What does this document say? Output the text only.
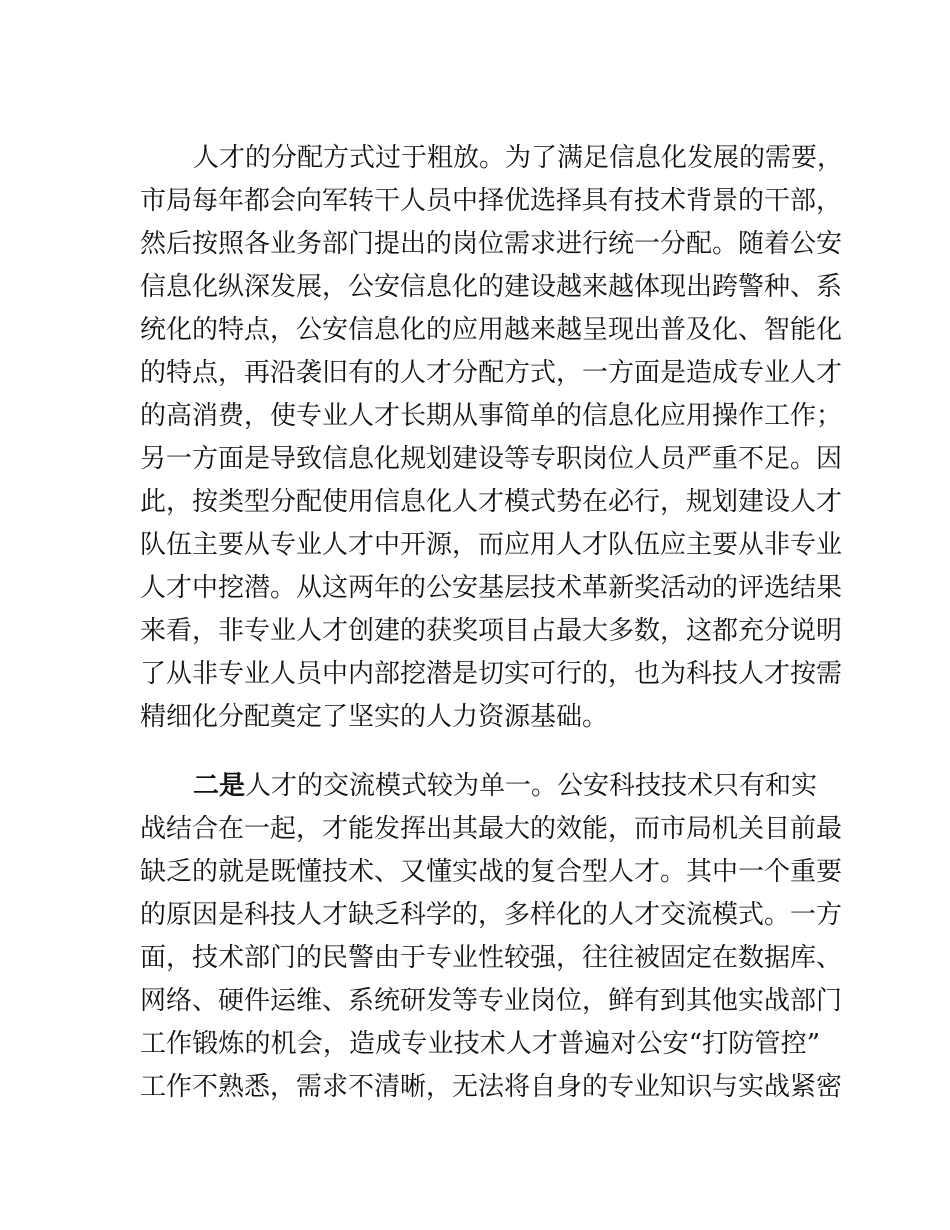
人才的分配方式过于粗放。为了满足信息化发展的需要，
市局每年都会向军转干人员中择优选择具有技术背景的干部，
然后按照各业务部门提出的岗位需求进行统一分配。随着公安
信息化纵深发展，公安信息化的建设越来越体现出跨警种、系
统化的特点，公安信息化的应用越来越呈现出普及化、智能化
的特点，再沿袭旧有的人才分配方式，一方面是造成专业人才
的高消费，使专业人才长期从事简单的信息化应用操作工作；
另一方面是导致信息化规划建设等专职岗位人员严重不足。因
此，按类型分配使用信息化人才模式势在必行，规划建设人才
队伍主要从专业人才中开源，而应用人才队伍应主要从非专业
人才中挖潜。从这两年的公安基层技术革新奖活动的评选结果
来看，非专业人才创建的获奖项目占最大多数，这都充分说明
了从非专业人员中内部挖潜是切实可行的，也为科技人才按需
精细化分配奠定了坚实的人力资源基础。
二是人才的交流模式较为单一。公安科技技术只有和实
战结合在一起，才能发挥出其最大的效能，而市局机关目前最
缺乏的就是既懂技术、又懂实战的复合型人才。其中一个重要
的原因是科技人才缺乏科学的，多样化的人才交流模式。一方
面，技术部门的民警由于专业性较强，往往被固定在数据库、
网络、硬件运维、系统研发等专业岗位，鲜有到其他实战部门
工作锻炼的机会，造成专业技术人才普遍对公安“打防管控”
工作不熟悉，需求不清晰，无法将自身的专业知识与实战紧密
